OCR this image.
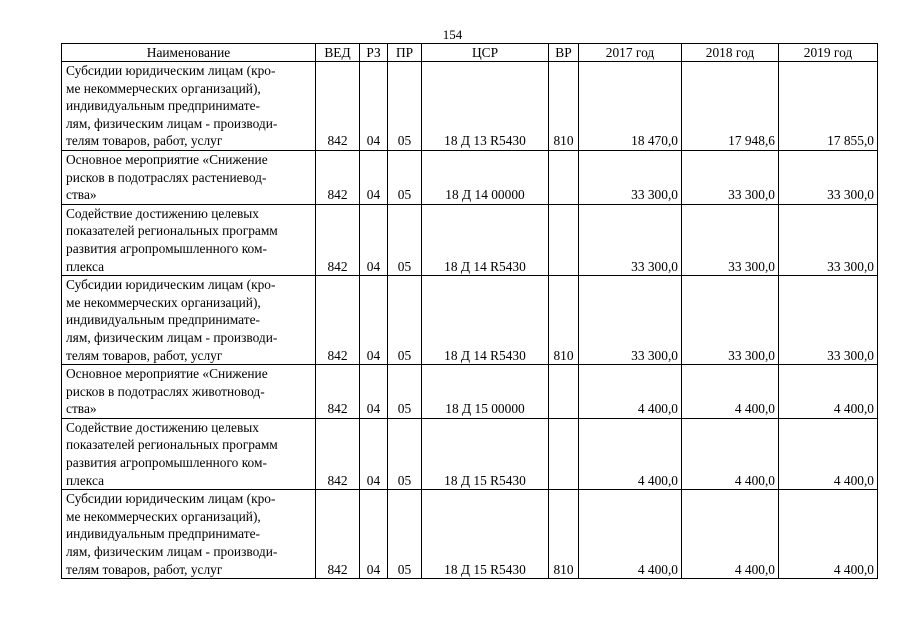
154
Наименование	ВЕД	РЗ	ПР	ЦСР	ВР	2017 год	2018 год	2019 год

Субсидии юридическим лицам (кро-
ме некоммерческих организаций),
индивидуальным предпринимате-
лям, физическим лицам - производи-
телям товаров, работ, услуг	842	04	05	18 Д 13 R5430	810	18 470,0	17 948,6	17 855,0

Основное мероприятие «Снижение
рисков в подотраслях растениевод-
ства»	842	04	05	18 Д 14 00000		33 300,0	33 300,0	33 300,0

Содействие достижению целевых
показателей региональных программ
развития агропромышленного ком-
плекса	842	04	05	18 Д 14 R5430		33 300,0	33 300,0	33 300,0

Субсидии юридическим лицам (кро-
ме некоммерческих организаций),
индивидуальным предпринимате-
лям, физическим лицам - производи-
телям товаров, работ, услуг	842	04	05	18 Д 14 R5430	810	33 300,0	33 300,0	33 300,0

Основное мероприятие «Снижение
рисков в подотраслях животновод-
ства»	842	04	05	18 Д 15 00000		4 400,0	4 400,0	4 400,0

Содействие достижению целевых
показателей региональных программ
развития агропромышленного ком-
плекса	842	04	05	18 Д 15 R5430		4 400,0	4 400,0	4 400,0

Субсидии юридическим лицам (кро-
ме некоммерческих организаций),
индивидуальным предпринимате-
лям, физическим лицам - производи-
телям товаров, работ, услуг	842	04	05	18 Д 15 R5430	810	4 400,0	4 400,0	4 400,0
